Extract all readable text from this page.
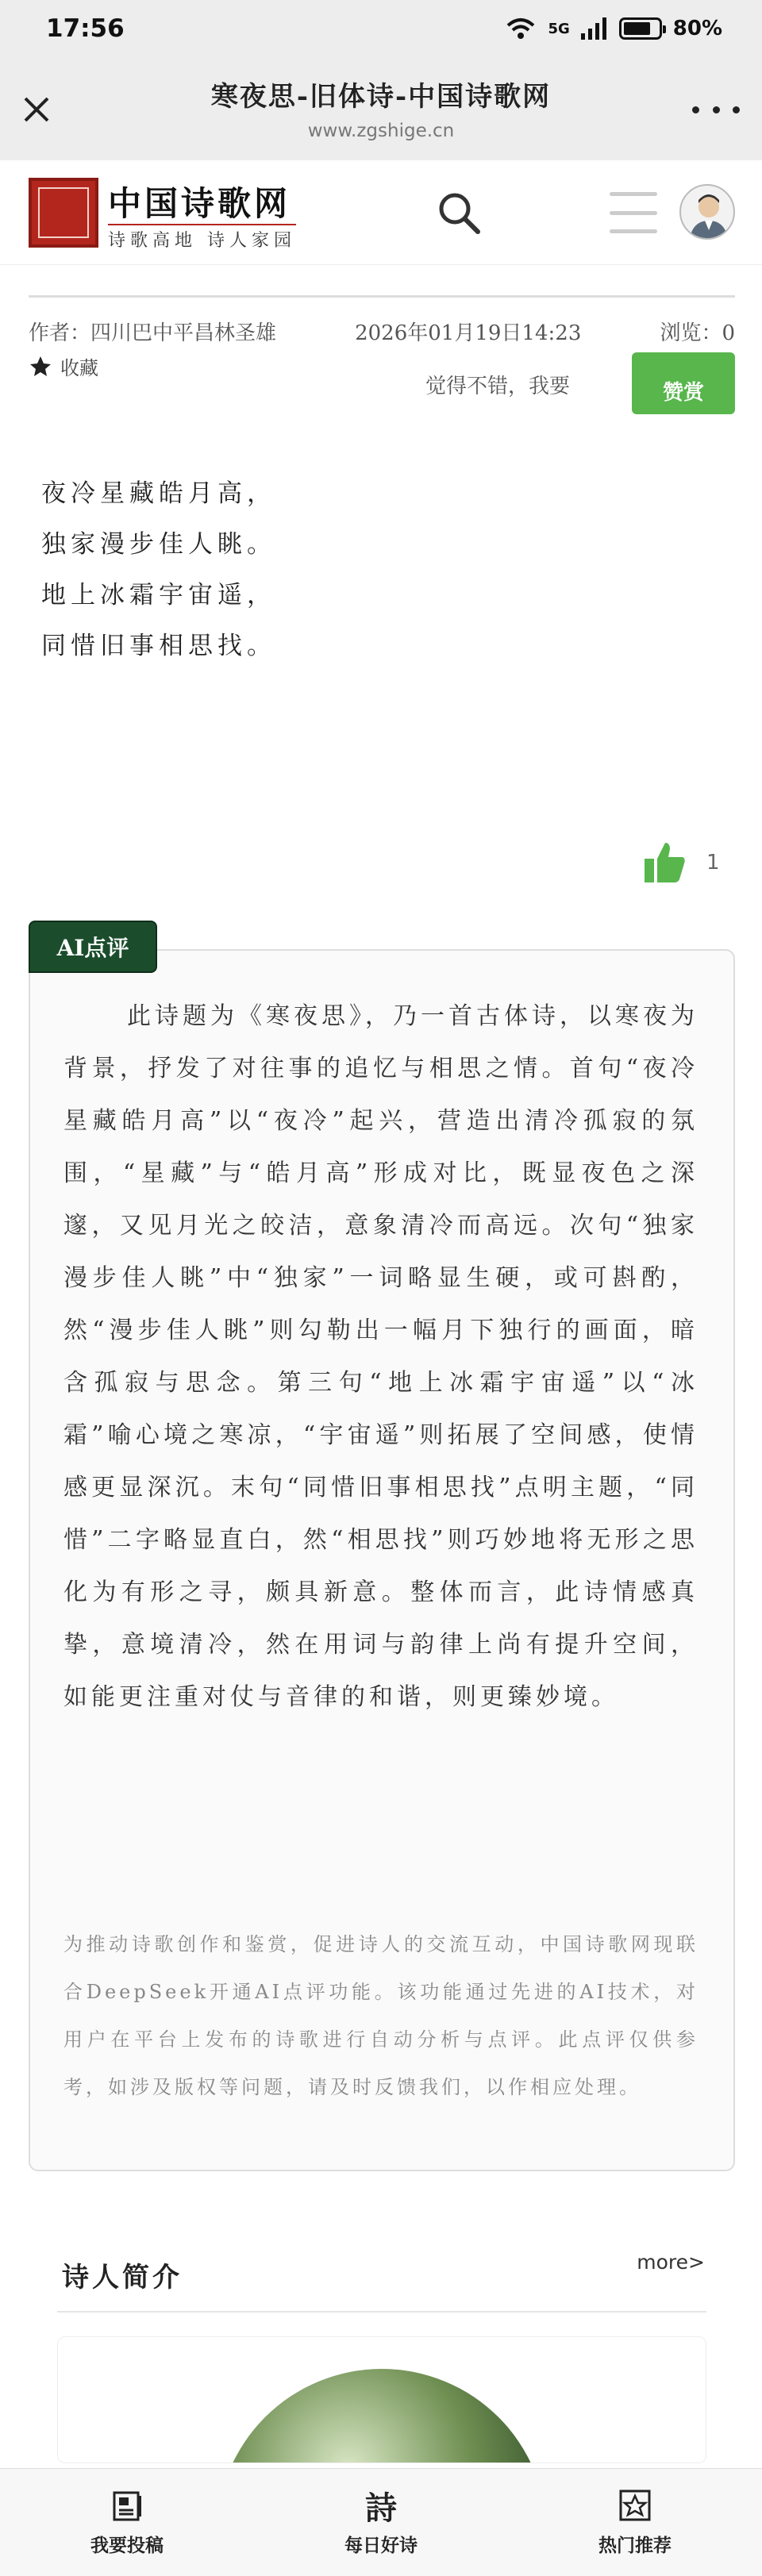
17:56	5G	80%
寒夜思-旧体诗-中国诗歌网
www.zgshige.cn
中国诗歌网
诗歌高地 诗人家园
作者：四川巴中平昌林圣雄	2026年01月19日14:23	浏览：0
收藏
觉得不错，我要	赞赏
夜冷星藏皓月高，
独家漫步佳人眺。
地上冰霜宇宙遥，
同惜旧事相思找。
1
AI点评
此诗题为《寒夜思》，乃一首古体诗，以寒夜为背景，抒发了对往事的追忆与相思之情。首句“夜冷星藏皓月高”以“夜冷”起兴，营造出清冷孤寂的氛围，“星藏”与“皓月高”形成对比，既显夜色之深邃，又见月光之皎洁，意象清冷而高远。次句“独家漫步佳人眺”中“独家”一词略显生硬，或可斟酌，然“漫步佳人眺”则勾勒出一幅月下独行的画面，暗含孤寂与思念。第三句“地上冰霜宇宙遥”以“冰霜”喻心境之寒凉，“宇宙遥”则拓展了空间感，使情感更显深沉。末句“同惜旧事相思找”点明主题，“同惜”二字略显直白，然“相思找”则巧妙地将无形之思化为有形之寻，颇具新意。整体而言，此诗情感真挚，意境清冷，然在用词与韵律上尚有提升空间，如能更注重对仗与音律的和谐，则更臻妙境。
为推动诗歌创作和鉴赏，促进诗人的交流互动，中国诗歌网现联合DeepSeek开通AI点评功能。该功能通过先进的AI技术，对用户在平台上发布的诗歌进行自动分析与点评。此点评仅供参考，如涉及版权等问题，请及时反馈我们，以作相应处理。
诗人简介	more>
我要投稿
詩
每日好诗	热门推荐
